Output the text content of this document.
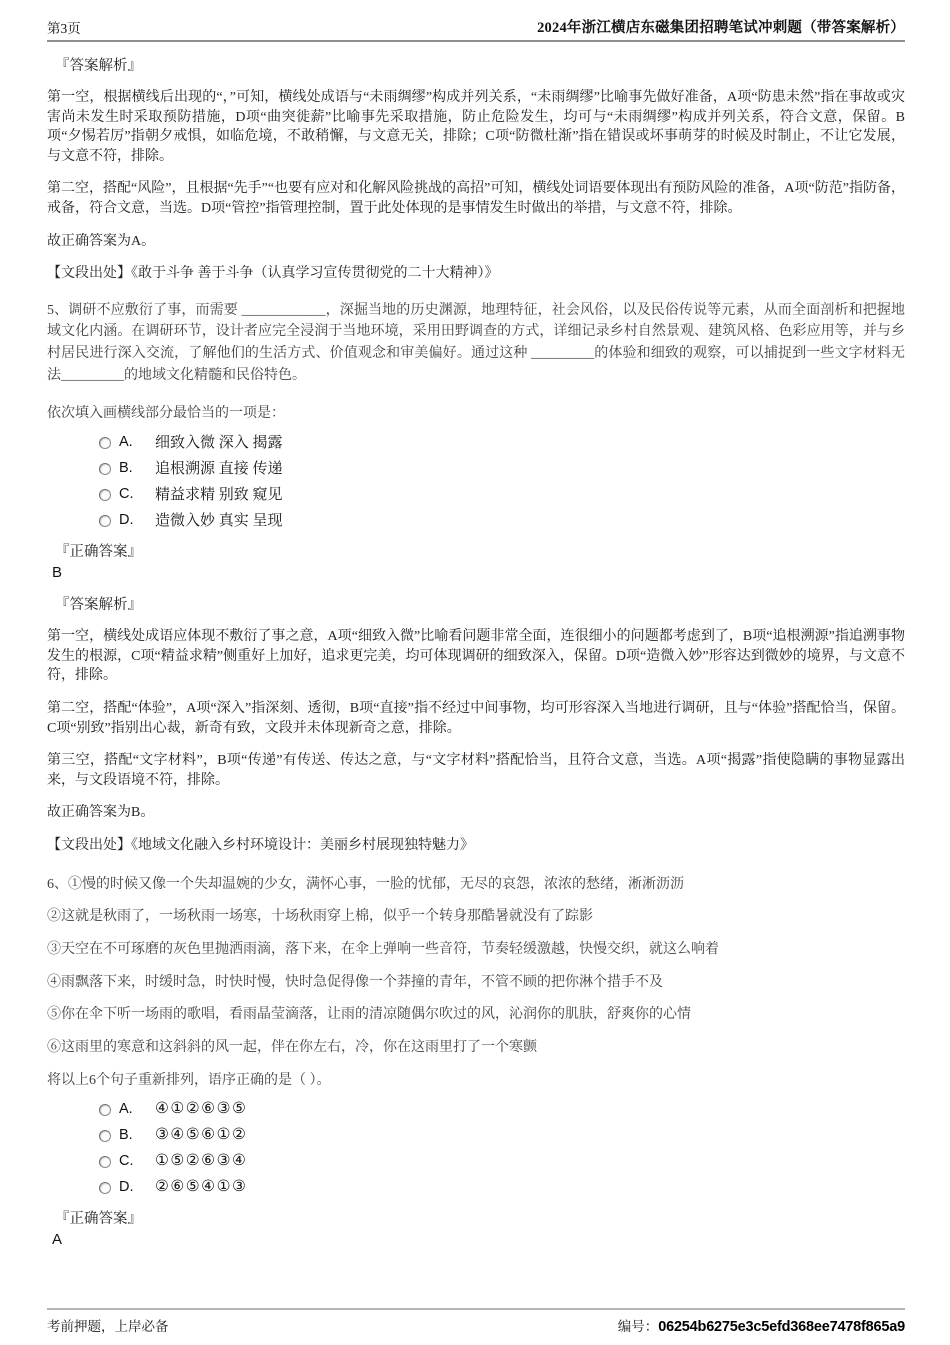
第3页	2024年浙江横店东磁集团招聘笔试冲刺题（带答案解析）
『答案解析』

第一空，根据横线后出现的“，”可知，横线处成语与“未雨绸缪”构成并列关系，“未雨绸缪”比喻事先做好准备，A项“防患未然”指在事故或灾害尚未发生时采取预防措施，D项“曲突徙薪”比喻事先采取措施，防止危险发生，均可与“未雨绸缪”构成并列关系，符合文意，保留。B项“夕惕若厉”指朝夕戒惧，如临危境，不敢稍懈，与文意无关，排除；C项“防微杜渐”指在错误或坏事萌芽的时候及时制止，不让它发展，与文意不符，排除。

第二空，搭配“风险”，且根据“先手”“也要有应对和化解风险挑战的高招”可知，横线处词语要体现出有预防风险的准备，A项“防范”指防备，戒备，符合文意，当选。D项“管控”指管理控制，置于此处体现的是事情发生时做出的举措，与文意不符，排除。

故正确答案为A。

【文段出处】《敢于斗争 善于斗争（认真学习宣传贯彻党的二十大精神）》

5、调研不应敷衍了事，而需要 ____________，深掘当地的历史渊源，地理特征，社会风俗，以及民俗传说等元素，从而全面剖析和把握地域文化内涵。在调研环节，设计者应完全浸润于当地环境，采用田野调查的方式，详细记录乡村自然景观、建筑风格、色彩应用等，并与乡村居民进行深入交流，了解他们的生活方式、价值观念和审美偏好。通过这种 _________的体验和细致的观察，可以捕捉到一些文字材料无法_________的地域文化精髓和民俗特色。

依次填入画横线部分最恰当的一项是：

A.	细致入微 深入 揭露
B.	追根溯源 直接 传递
C.	精益求精 别致 窥见
D.	造微入妙 真实 呈现
『正确答案』
B
『答案解析』

第一空，横线处成语应体现不敷衍了事之意，A项“细致入微”比喻看问题非常全面，连很细小的问题都考虑到了，B项“追根溯源”指追溯事物发生的根源，C项“精益求精”侧重好上加好，追求更完美，均可体现调研的细致深入，保留。D项“造微入妙”形容达到微妙的境界，与文意不符，排除。

第二空，搭配“体验”，A项“深入”指深刻、透彻，B项“直接”指不经过中间事物，均可形容深入当地进行调研，且与“体验”搭配恰当，保留。C项“别致”指别出心裁，新奇有致，文段并未体现新奇之意，排除。

第三空，搭配“文字材料”，B项“传递”有传送、传达之意，与“文字材料”搭配恰当，且符合文意，当选。A项“揭露”指使隐瞒的事物显露出来，与文段语境不符，排除。

故正确答案为B。

【文段出处】《地域文化融入乡村环境设计：美丽乡村展现独特魅力》

6、①慢的时候又像一个失却温婉的少女，满怀心事，一脸的忧郁，无尽的哀怨，浓浓的愁绪，淅淅沥沥

②这就是秋雨了，一场秋雨一场寒，十场秋雨穿上棉，似乎一个转身那酷暑就没有了踪影

③天空在不可琢磨的灰色里抛洒雨滴，落下来，在伞上弹响一些音符，节奏轻缓激越，快慢交织，就这么响着

④雨飘落下来，时缓时急，时快时慢，快时急促得像一个莽撞的青年，不管不顾的把你淋个措手不及

⑤你在伞下听一场雨的歌唱，看雨晶莹滴落，让雨的清凉随偶尔吹过的风，沁润你的肌肤，舒爽你的心情

⑥这雨里的寒意和这斜斜的风一起，伴在你左右，冷，你在这雨里打了一个寒颤

将以上6个句子重新排列，语序正确的是（ ）。

A.	④①②⑥③⑤
B.	③④⑤⑥①②
C.	①⑤②⑥③④
D.	②⑥⑤④①③
『正确答案』
A
考前押题，上岸必备	编号：06254b6275e3c5efd368ee7478f865a9
